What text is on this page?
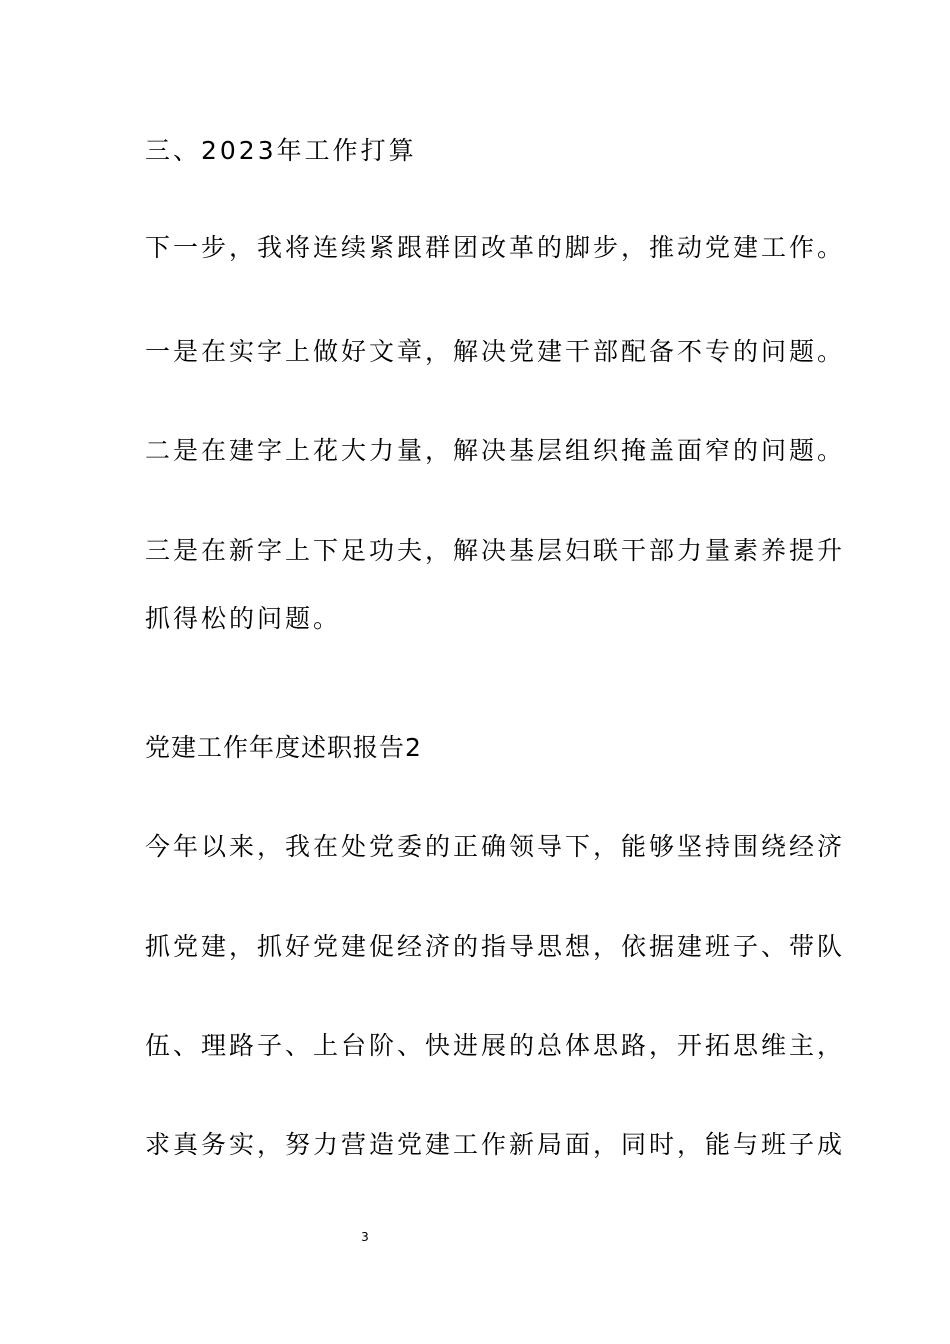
三、2023年工作打算
下一步，我将连续紧跟群团改革的脚步，推动党建工作。
一是在实字上做好文章，解决党建干部配备不专的问题。
二是在建字上花大力量，解决基层组织掩盖面窄的问题。
三是在新字上下足功夫，解决基层妇联干部力量素养提升
抓得松的问题。
党建工作年度述职报告2
今年以来，我在处党委的正确领导下，能够坚持围绕经济
抓党建，抓好党建促经济的指导思想，依据建班子、带队
伍、理路子、上台阶、快进展的总体思路，开拓思维主，
求真务实，努力营造党建工作新局面，同时，能与班子成
3
